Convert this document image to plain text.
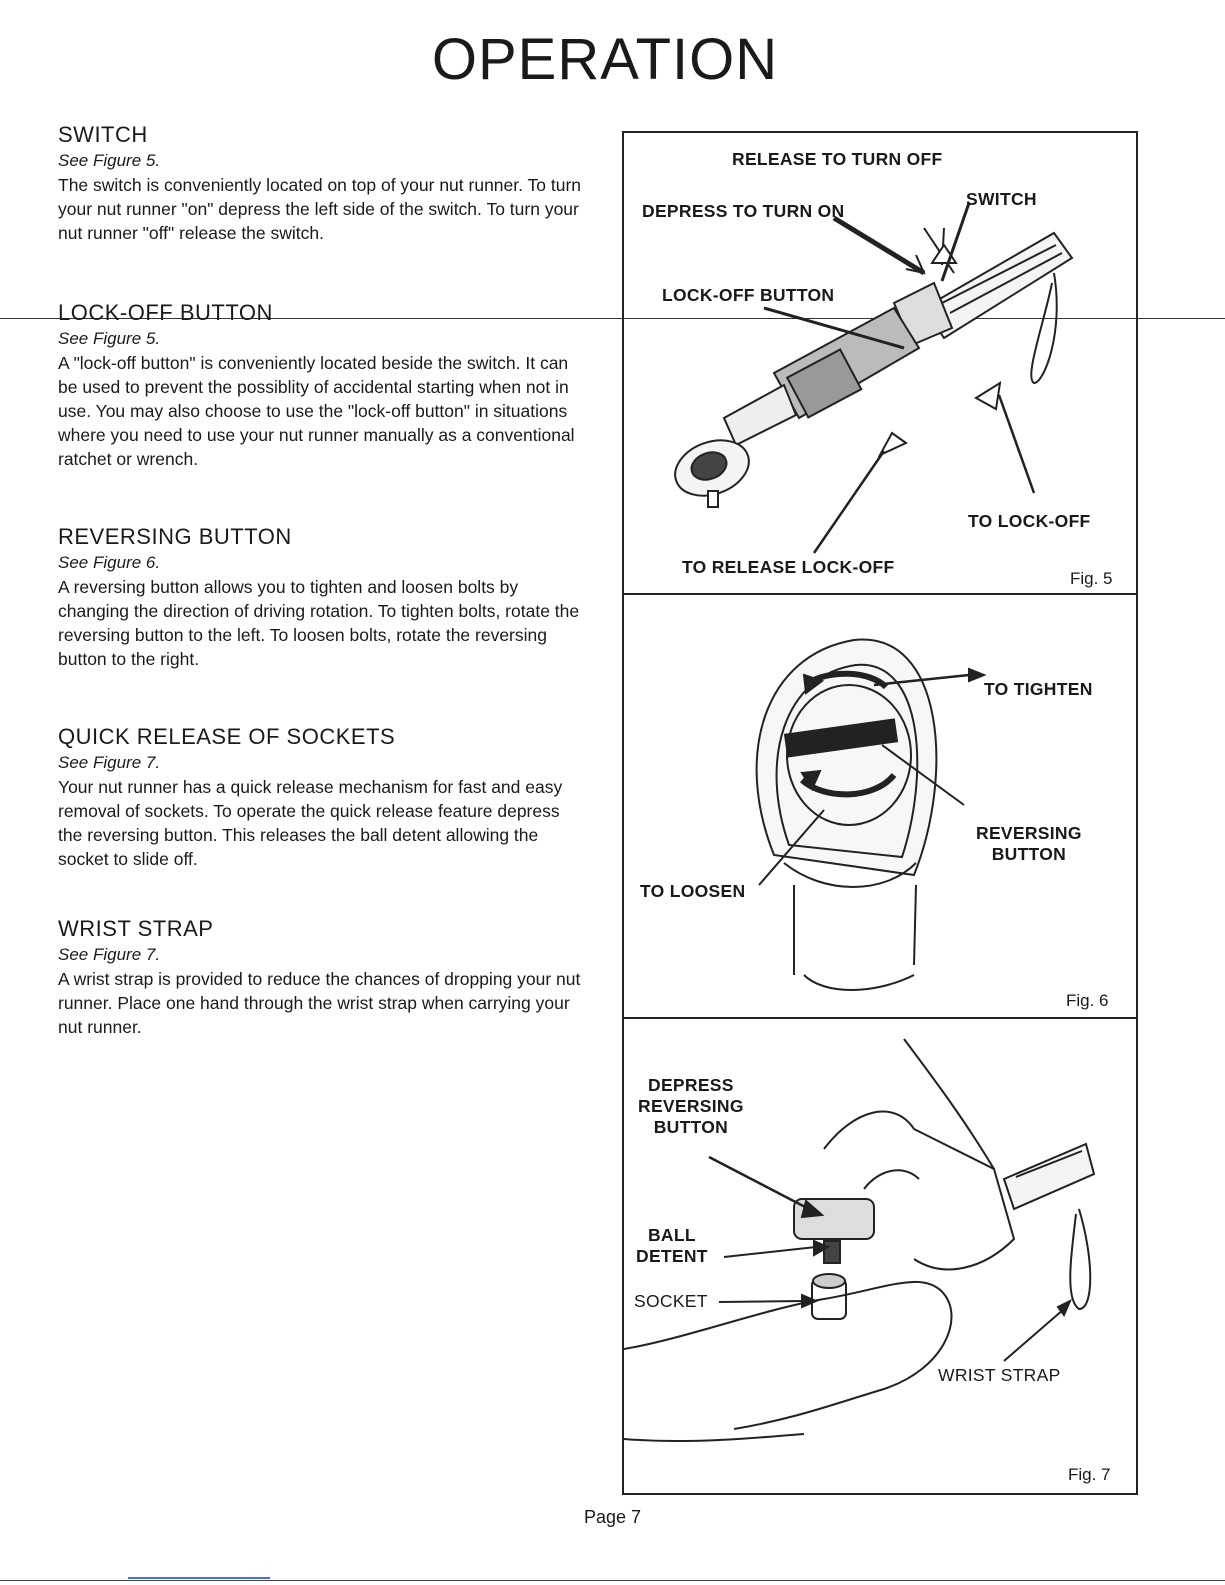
OPERATION
SWITCH

See Figure 5.

The switch is conveniently located on top of your nut runner. To turn your nut runner "on" depress the left side of the switch. To turn your nut runner "off" release the switch.

LOCK-OFF BUTTON

See Figure 5.

A "lock-off button" is conveniently located beside the switch. It can be used to prevent the possiblity of accidental starting when not in use. You may also choose to use the "lock-off button" in situations where you need to use your nut runner manually as a conventional ratchet or wrench.

REVERSING BUTTON

See Figure 6.

A reversing button allows you to tighten and loosen bolts by changing the direction of driving rotation. To tighten bolts, rotate the reversing button to the left. To loosen bolts, rotate the reversing button to the right.

QUICK RELEASE OF SOCKETS

See Figure 7.

Your nut runner has a quick release mechanism for fast and easy removal of sockets. To operate the quick release feature depress the reversing button. This releases the ball detent allowing the socket to slide off.

WRIST STRAP

See Figure 7.

A wrist strap is provided to reduce the chances of dropping your nut runner. Place one hand through the wrist strap when carrying your nut runner.

RELEASE TO TURN OFF
DEPRESS TO TURN ON
SWITCH
LOCK-OFF BUTTON
TO LOCK-OFF
TO RELEASE LOCK-OFF
Fig. 5
TO TIGHTEN
REVERSING
BUTTON
TO LOOSEN
Fig. 6
DEPRESS
REVERSING
BUTTON
BALL
DETENT
SOCKET
WRIST STRAP
Fig. 7
Page 7
